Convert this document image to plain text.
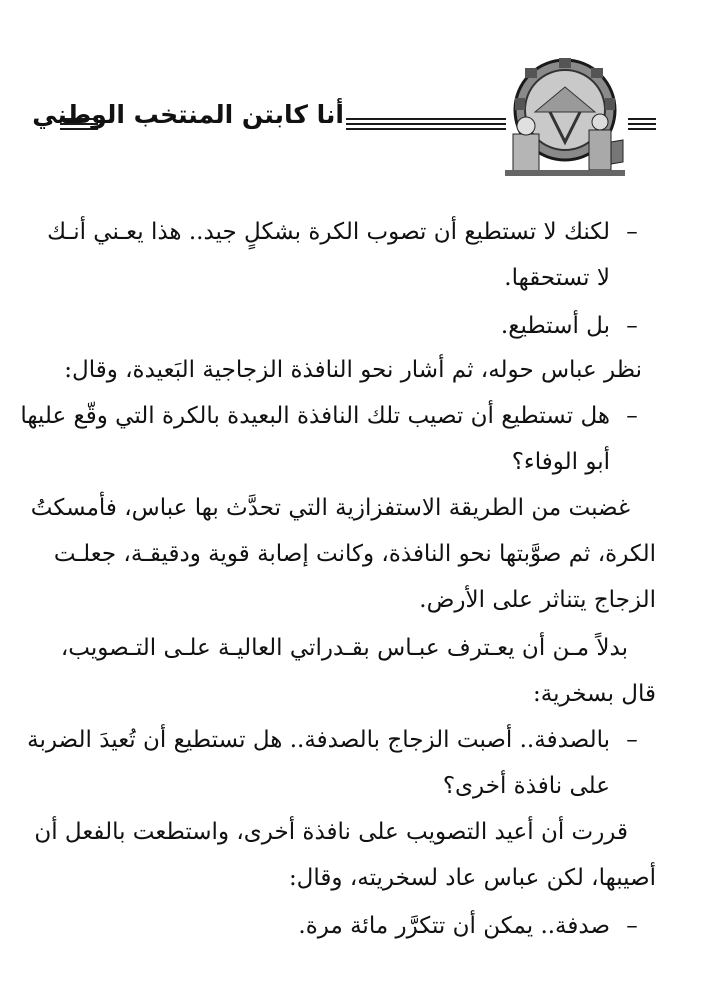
أنا كابتن المنتخب الوطني
–
لكنك لا تستطيع أن تصوب الكرة بشكلٍ جيد.. هذا يعـني أنـك
لا تستحقها.
–
بل أستطيع.
نظر عباس حوله، ثم أشار نحو النافذة الزجاجية البَعيدة، وقال:
–
هل تستطيع أن تصيب تلك النافذة البعيدة بالكرة التي وقّع عليها
أبو الوفاء؟
غضبت من الطريقة الاستفزازية التي تحدَّث بها عباس، فأمسكتُ
الكرة، ثم صوَّبتها نحو النافذة، وكانت إصابة قوية ودقيقـة، جعلـت
الزجاج يتناثر على الأرض.
بدلاً مـن أن يعـترف عبـاس بقـدراتي العاليـة علـى التـصويب،
قال بسخرية:
–
بالصدفة.. أصبت الزجاج بالصدفة.. هل تستطيع أن تُعيدَ الضربة
على نافذة أخرى؟
قررت أن أعيد التصويب على نافذة أخرى، واستطعت بالفعل أن
أصيبها، لكن عباس عاد لسخريته، وقال:
–
صدفة.. يمكن أن تتكرَّر مائة مرة.
